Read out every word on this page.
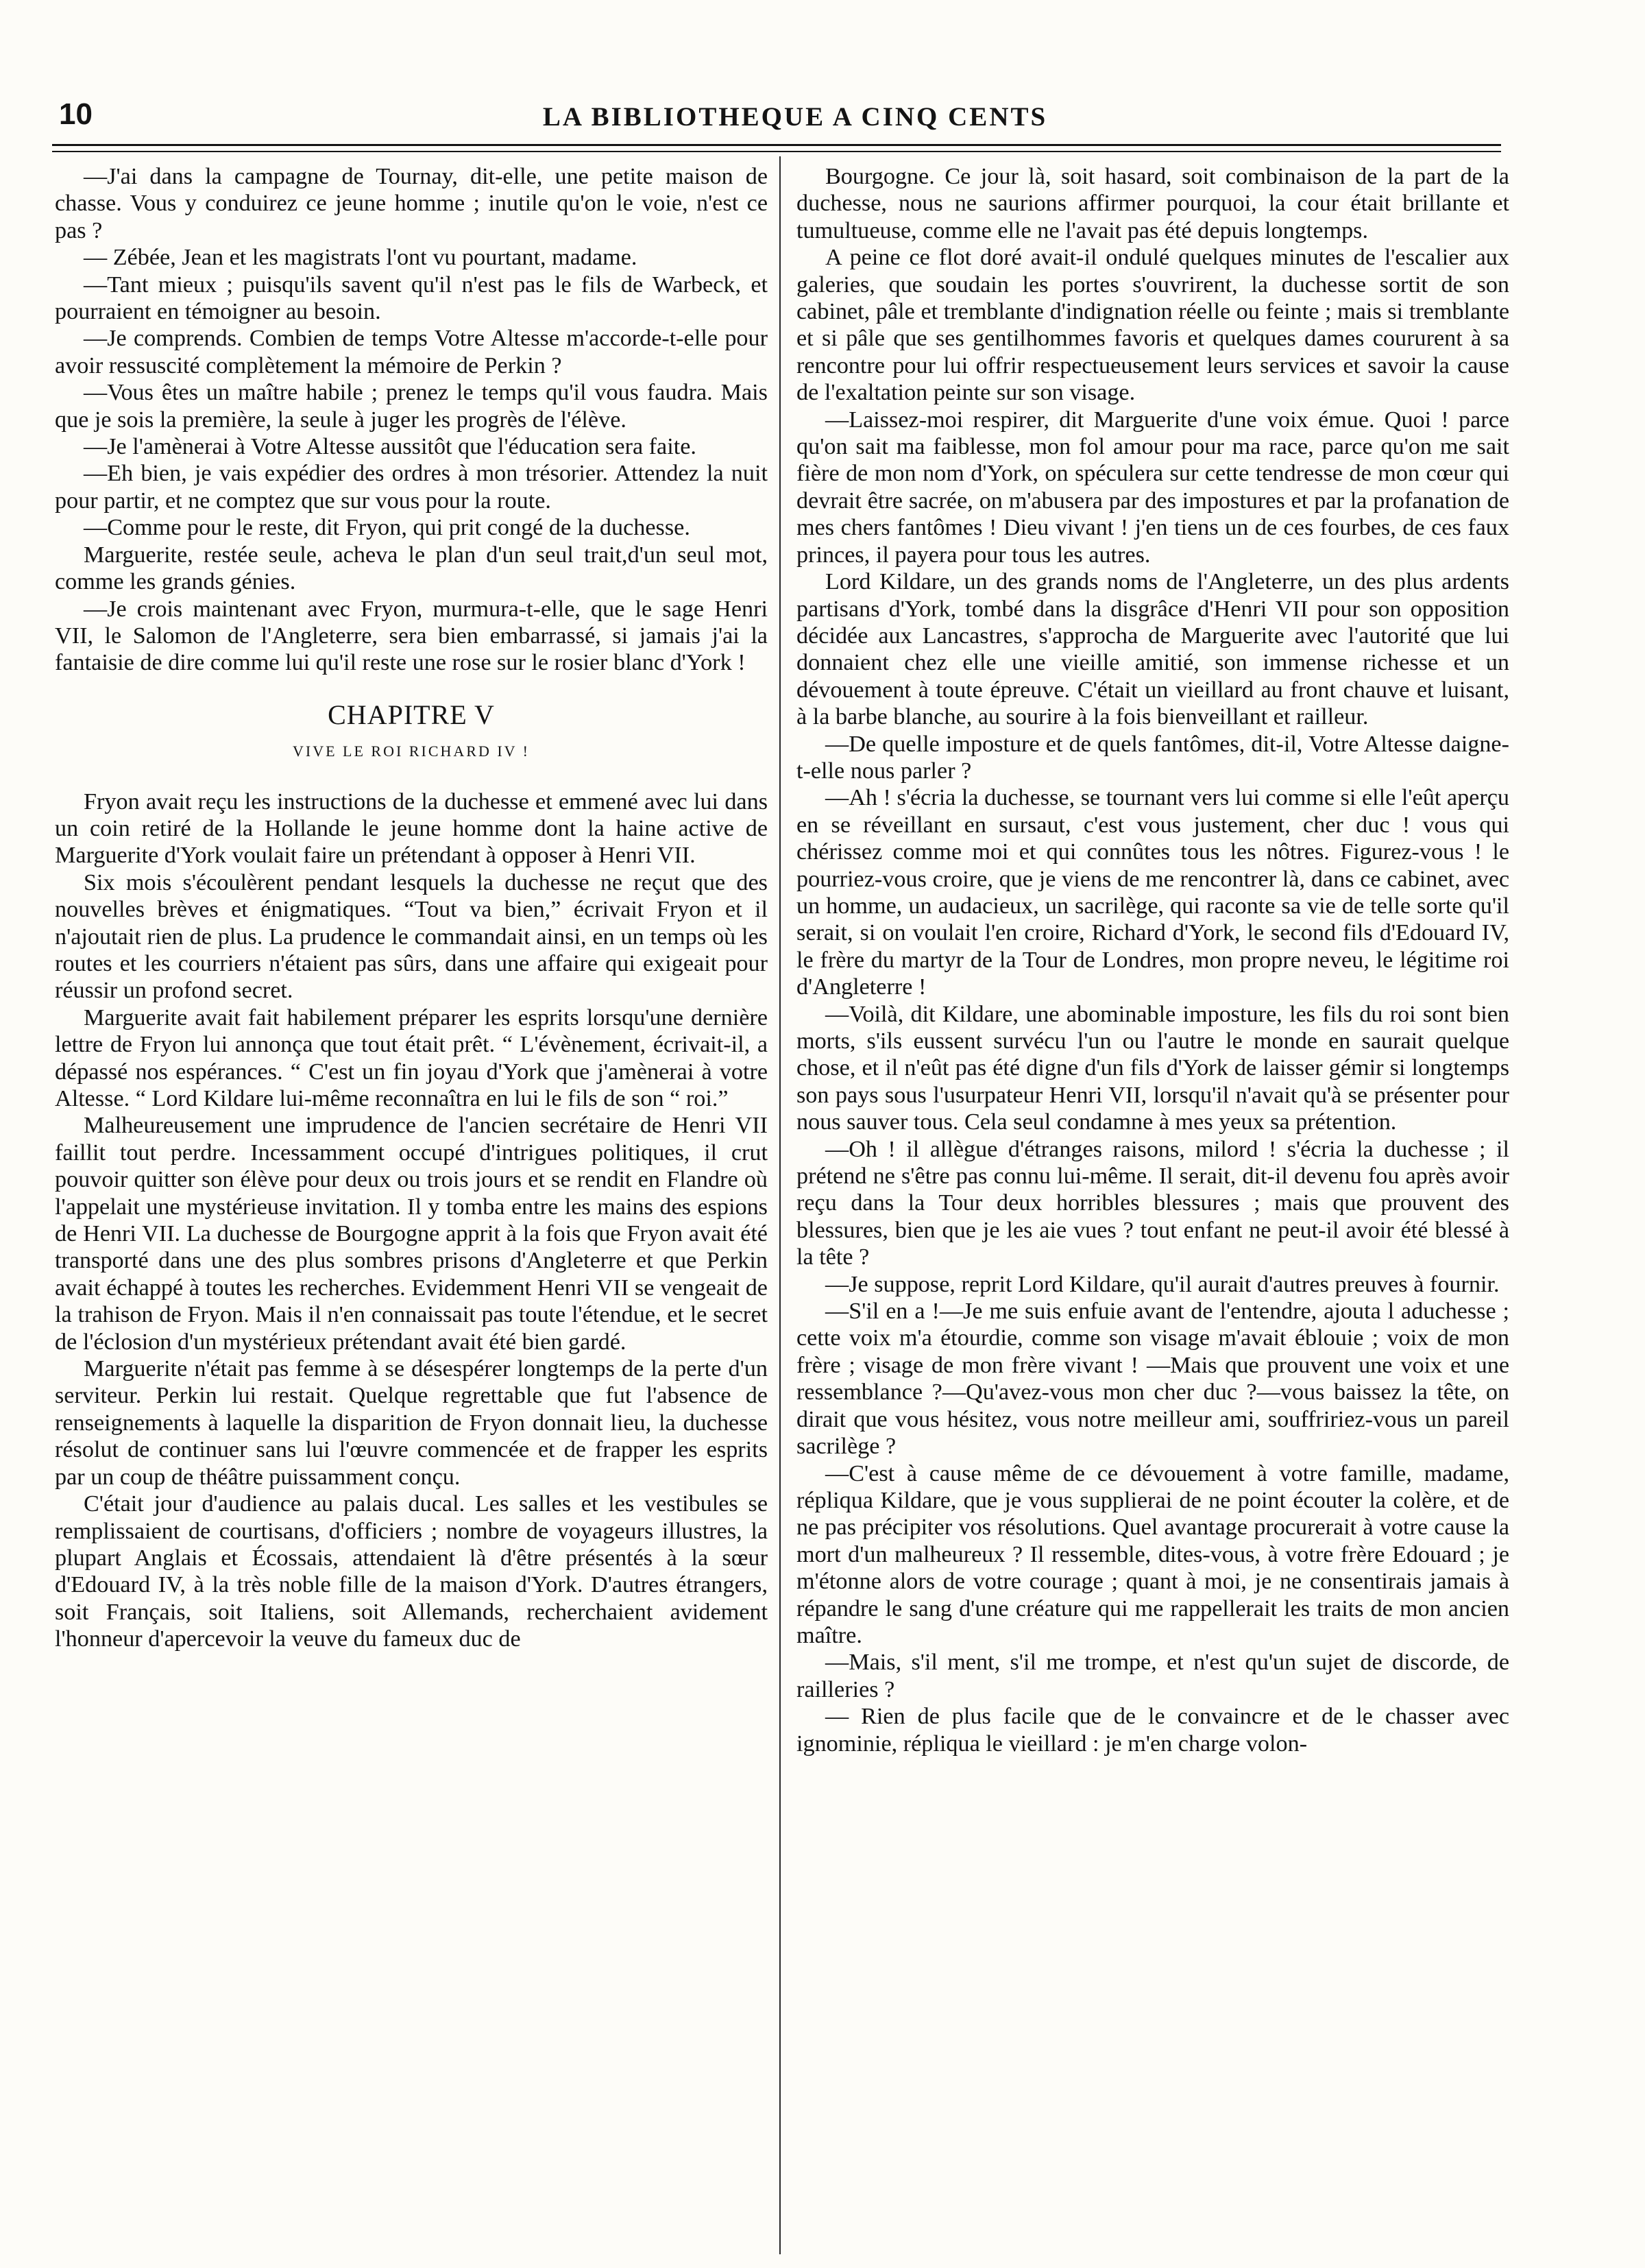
10	LA BIBLIOTHEQUE A CINQ CENTS

—J'ai dans la campagne de Tournay, dit-elle, une petite maison de chasse. Vous y conduirez ce jeune homme ; inutile qu'on le voie, n'est ce pas ?

— Zébée, Jean et les magistrats l'ont vu pourtant, madame.

—Tant mieux ; puisqu'ils savent qu'il n'est pas le fils de Warbeck, et pourraient en témoigner au besoin.

—Je comprends. Combien de temps Votre Altesse m'accorde-t-elle pour avoir ressuscité complètement la mémoire de Perkin ?

—Vous êtes un maître habile ; prenez le temps qu'il vous faudra. Mais que je sois la première, la seule à juger les progrès de l'élève.

—Je l'amènerai à Votre Altesse aussitôt que l'éducation sera faite.

—Eh bien, je vais expédier des ordres à mon trésorier. Attendez la nuit pour partir, et ne comptez que sur vous pour la route.

—Comme pour le reste, dit Fryon, qui prit congé de la duchesse.

Marguerite, restée seule, acheva le plan d'un seul trait,d'un seul mot, comme les grands génies.

—Je crois maintenant avec Fryon, murmura-t-elle, que le sage Henri VII, le Salomon de l'Angleterre, sera bien embarrassé, si jamais j'ai la fantaisie de dire comme lui qu'il reste une rose sur le rosier blanc d'York !

CHAPITRE V
VIVE LE ROI RICHARD IV !

Fryon avait reçu les instructions de la duchesse et emmené avec lui dans un coin retiré de la Hollande le jeune homme dont la haine active de Marguerite d'York voulait faire un prétendant à opposer à Henri VII.

Six mois s'écoulèrent pendant lesquels la duchesse ne reçut que des nouvelles brèves et énigmatiques. “Tout va bien,” écrivait Fryon et il n'ajoutait rien de plus. La prudence le commandait ainsi, en un temps où les routes et les courriers n'étaient pas sûrs, dans une affaire qui exigeait pour réussir un profond secret.

Marguerite avait fait habilement préparer les esprits lorsqu'une dernière lettre de Fryon lui annonça que tout était prêt. “ L'évènement, écrivait-il, a dépassé nos espérances. “ C'est un fin joyau d'York que j'amènerai à votre Altesse. “ Lord Kildare lui-même reconnaîtra en lui le fils de son “ roi.”

Malheureusement une imprudence de l'ancien secrétaire de Henri VII faillit tout perdre. Incessamment occupé d'intrigues politiques, il crut pouvoir quitter son élève pour deux ou trois jours et se rendit en Flandre où l'appelait une mystérieuse invitation. Il y tomba entre les mains des espions de Henri VII. La duchesse de Bourgogne apprit à la fois que Fryon avait été transporté dans une des plus sombres prisons d'Angleterre et que Perkin avait échappé à toutes les recherches. Evidemment Henri VII se vengeait de la trahison de Fryon. Mais il n'en connaissait pas toute l'étendue, et le secret de l'éclosion d'un mystérieux prétendant avait été bien gardé.

Marguerite n'était pas femme à se désespérer longtemps de la perte d'un serviteur. Perkin lui restait. Quelque regrettable que fut l'absence de renseignements à laquelle la disparition de Fryon donnait lieu, la duchesse résolut de continuer sans lui l'œuvre commencée et de frapper les esprits par un coup de théâtre puissamment conçu.

C'était jour d'audience au palais ducal. Les salles et les vestibules se remplissaient de courtisans, d'officiers ; nombre de voyageurs illustres, la plupart Anglais et Écossais, attendaient là d'être présentés à la sœur d'Edouard IV, à la très noble fille de la maison d'York. D'autres étrangers, soit Français, soit Italiens, soit Allemands, recherchaient avidement l'honneur d'apercevoir la veuve du fameux duc de

Bourgogne. Ce jour là, soit hasard, soit combinaison de la part de la duchesse, nous ne saurions affirmer pourquoi, la cour était brillante et tumultueuse, comme elle ne l'avait pas été depuis longtemps.

A peine ce flot doré avait-il ondulé quelques minutes de l'escalier aux galeries, que soudain les portes s'ouvrirent, la duchesse sortit de son cabinet, pâle et tremblante d'indignation réelle ou feinte ; mais si tremblante et si pâle que ses gentilhommes favoris et quelques dames coururent à sa rencontre pour lui offrir respectueusement leurs services et savoir la cause de l'exaltation peinte sur son visage.

—Laissez-moi respirer, dit Marguerite d'une voix émue. Quoi ! parce qu'on sait ma faiblesse, mon fol amour pour ma race, parce qu'on me sait fière de mon nom d'York, on spéculera sur cette tendresse de mon cœur qui devrait être sacrée, on m'abusera par des impostures et par la profanation de mes chers fantômes ! Dieu vivant ! j'en tiens un de ces fourbes, de ces faux princes, il payera pour tous les autres.

Lord Kildare, un des grands noms de l'Angleterre, un des plus ardents partisans d'York, tombé dans la disgrâce d'Henri VII pour son opposition décidée aux Lancastres, s'approcha de Marguerite avec l'autorité que lui donnaient chez elle une vieille amitié, son immense richesse et un dévouement à toute épreuve. C'était un vieillard au front chauve et luisant, à la barbe blanche, au sourire à la fois bienveillant et railleur.

—De quelle imposture et de quels fantômes, dit-il, Votre Altesse daigne-t-elle nous parler ?

—Ah ! s'écria la duchesse, se tournant vers lui comme si elle l'eût aperçu en se réveillant en sursaut, c'est vous justement, cher duc ! vous qui chérissez comme moi et qui connûtes tous les nôtres. Figurez-vous ! le pourriez-vous croire, que je viens de me rencontrer là, dans ce cabinet, avec un homme, un audacieux, un sacrilège, qui raconte sa vie de telle sorte qu'il serait, si on voulait l'en croire, Richard d'York, le second fils d'Edouard IV, le frère du martyr de la Tour de Londres, mon propre neveu, le légitime roi d'Angleterre !

—Voilà, dit Kildare, une abominable imposture, les fils du roi sont bien morts, s'ils eussent survécu l'un ou l'autre le monde en saurait quelque chose, et il n'eût pas été digne d'un fils d'York de laisser gémir si longtemps son pays sous l'usurpateur Henri VII, lorsqu'il n'avait qu'à se présenter pour nous sauver tous. Cela seul condamne à mes yeux sa prétention.

—Oh ! il allègue d'étranges raisons, milord ! s'écria la duchesse ; il prétend ne s'être pas connu lui-même. Il serait, dit-il devenu fou après avoir reçu dans la Tour deux horribles blessures ; mais que prouvent des blessures, bien que je les aie vues ? tout enfant ne peut-il avoir été blessé à la tête ?

—Je suppose, reprit Lord Kildare, qu'il aurait d'autres preuves à fournir.

—S'il en a !—Je me suis enfuie avant de l'entendre, ajouta l aduchesse ; cette voix m'a étourdie, comme son visage m'avait éblouie ; voix de mon frère ; visage de mon frère vivant ! —Mais que prouvent une voix et une ressemblance ?—Qu'avez-vous mon cher duc ?—vous baissez la tête, on dirait que vous hésitez, vous notre meilleur ami, souffririez-vous un pareil sacrilège ?

—C'est à cause même de ce dévouement à votre famille, madame, répliqua Kildare, que je vous supplierai de ne point écouter la colère, et de ne pas précipiter vos résolutions. Quel avantage procurerait à votre cause la mort d'un malheureux ? Il ressemble, dites-vous, à votre frère Edouard ; je m'étonne alors de votre courage ; quant à moi, je ne consentirais jamais à répandre le sang d'une créature qui me rappellerait les traits de mon ancien maître.

—Mais, s'il ment, s'il me trompe, et n'est qu'un sujet de discorde, de railleries ?

— Rien de plus facile que de le convaincre et de le chasser avec ignominie, répliqua le vieillard : je m'en charge volon-
